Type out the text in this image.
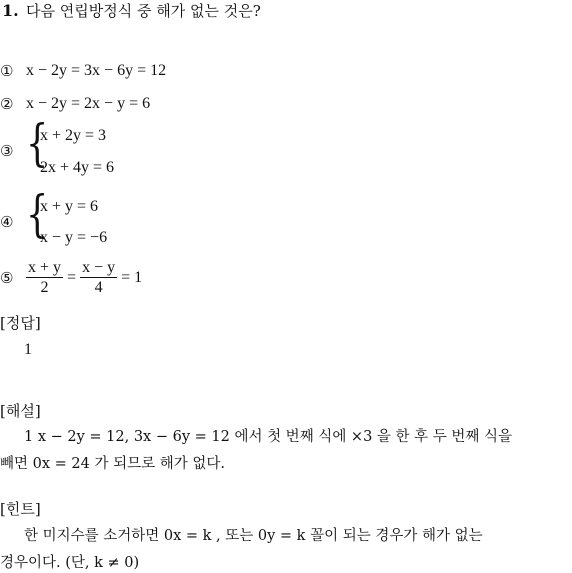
1. 다음 연립방정식 중 해가 없는 것은?
① x − 2y = 3x − 6y = 12
② x − 2y = 2x − y = 6
③ {
x + 2y = 3
2x + 4y = 6
④ {
x + y = 6
x − y = −6
⑤ $\frac{x + y}{2} = \frac{x - y}{4} = 1$
[정답]
1
[해설]
1 x − 2y = 12, 3x − 6y = 12 에서 첫 번째 식에 ×3 을 한 후 두 번째 식을
빼면 0x = 24 가 되므로 해가 없다.
[힌트]
한 미지수를 소거하면 0x = k , 또는 0y = k 꼴이 되는 경우가 해가 없는
경우이다. (단, k ≠ 0)
